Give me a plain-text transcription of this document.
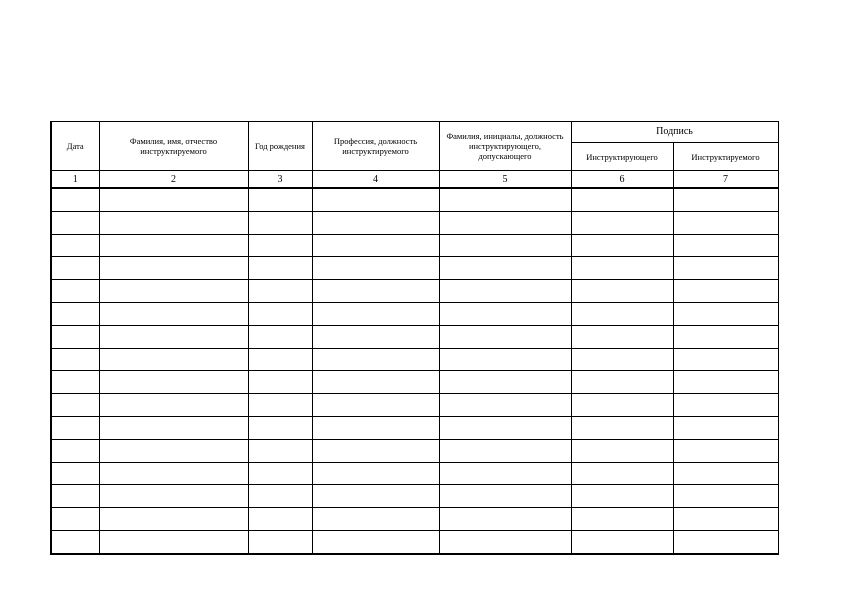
Дата	Фамилия, имя, отчество инструктируемого	Год рождения	Профессия, должность инструктируемого	Фамилия, инициалы, должность инструктирующего, допускающего	Подпись	

					Инструктирующего	Инструктируемого

1	2	3	4	5	6	7
